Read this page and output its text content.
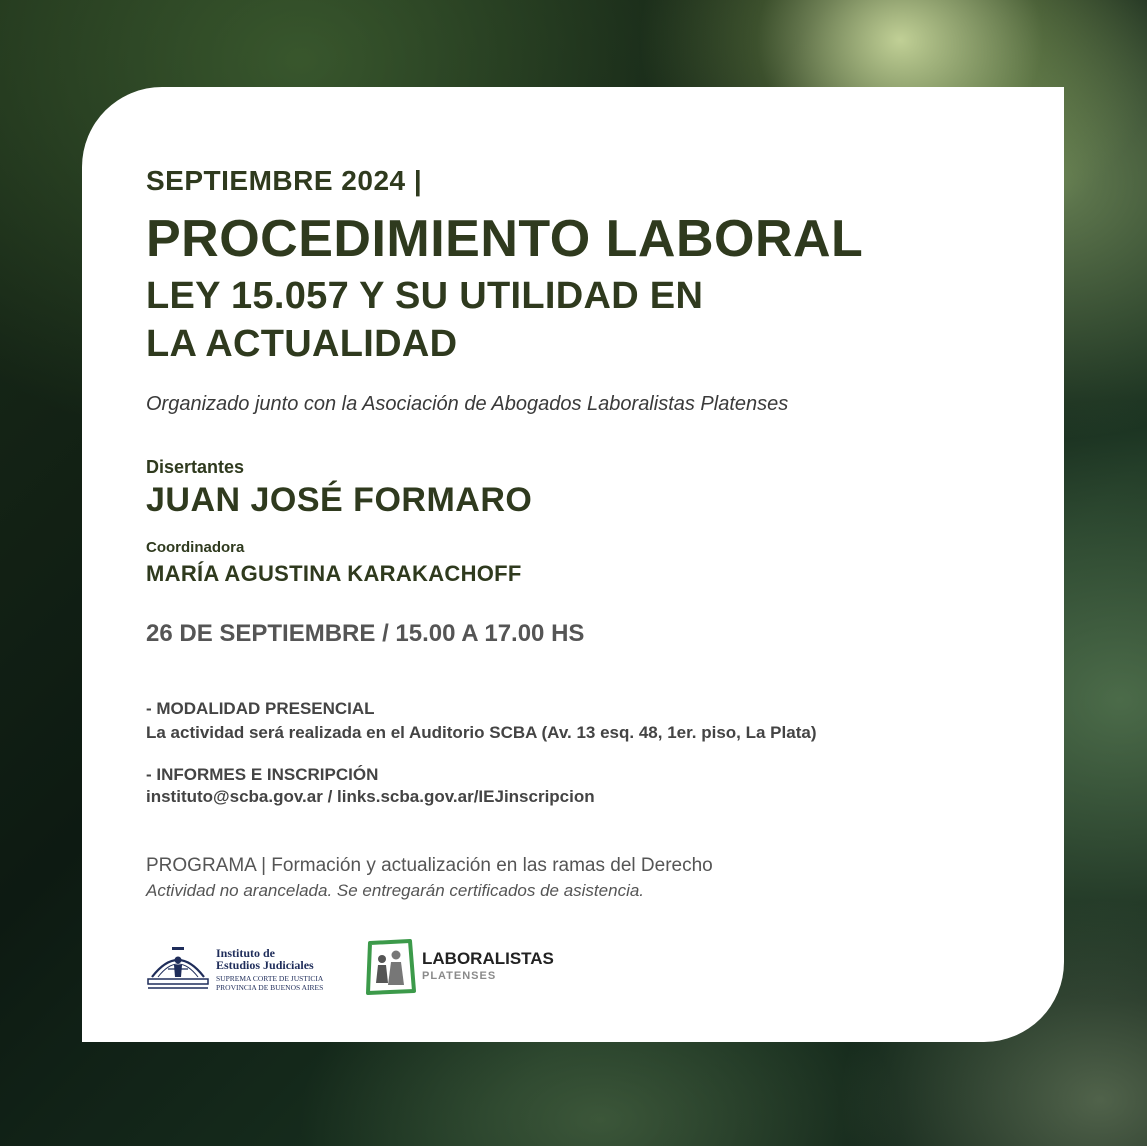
SEPTIEMBRE 2024 |
PROCEDIMIENTO LABORAL
LEY 15.057 Y SU UTILIDAD EN
LA ACTUALIDAD
Organizado junto con la Asociación de Abogados Laboralistas Platenses
Disertantes
JUAN JOSÉ FORMARO
Coordinadora
MARÍA AGUSTINA KARAKACHOFF
26 DE SEPTIEMBRE / 15.00 A 17.00 HS
- MODALIDAD PRESENCIAL
La actividad será realizada en el Auditorio SCBA (Av. 13 esq. 48, 1er. piso, La Plata)
- INFORMES E INSCRIPCIÓN
instituto@scba.gov.ar / links.scba.gov.ar/IEJinscripcion
PROGRAMA | Formación y actualización en las ramas del Derecho
Actividad no arancelada. Se entregarán certificados de asistencia.
Instituto de
Estudios Judiciales
SUPREMA CORTE DE JUSTICIA
PROVINCIA DE BUENOS AIRES
LABORALISTAS
PLATENSES
